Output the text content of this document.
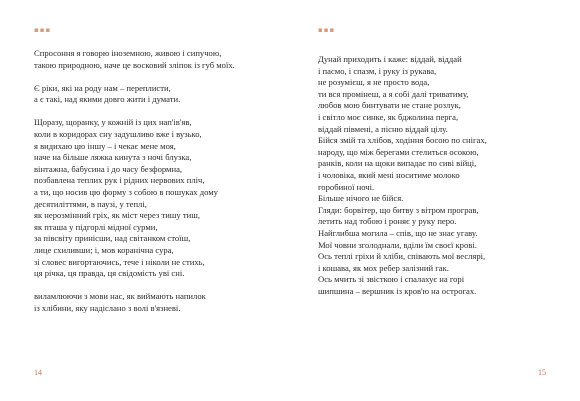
▪▪▪
Спросоння я говорю іноземною, живою і сипучою,
такою природною, наче це восковий зліпок із губ моїх.
Є ріки, які на роду нам – переплисти,
а є такі, над якими довго жити і думати.
Щоразу, щоранку, у кожній із цих нап'ів'яв,
коли в коридорах сну задушливо вже і вузько,
я видихаю цю іншу – і чекає мене моя,
наче на більше ляжка кинута з ночі блузка,
вінтажна, бабусина і до часу безформна,
позбавлена теплих рук і рідних нервових пліч,
а ти, що носив цю форму з собою в пошуках дому
десятиліттями, в паузі, у теплі,
як нерозмінний гріх, як міст через тишу тиш,
як пташа у підгорлі мідної сурми,
за півсвіту принісши, над світанком стоїш,
лице схиливши; і, мов коранічна сура,
зі словес вигортаючись, тече і ніколи не стихь,
ця річка, ця правда, ця свідомість уві сні.
виламлюючи з мови нас, як виймають напилок
із хлібини, яку надіслано з волі в'язневі.
14
▪▪▪
Дунай приходить і каже: віддай, віддай
і пасмо, і спазм, і руку із рукава,
не розумієш, я не просто вода,
ти вся промінеш, а я собі далі триватиму,
любов мою бинтувати не стане розлук,
і світло моє синке, як бджолина перга,
віддай півмені, а пісню віддай цілу.
Бійся змій та хлібов, ходіння босою по снігах,
народу, що між берегами стелиться осокою,
ранків, коли на щоки випадає по сиві війці,
і чоловіка, який мені носитиме молоко
горобиної ночі.
Більше нічого не бійся.
Гляди: борвітер, що битву з вітром програв,
летить над тобою і роняє у руку перо.
Найглибша могила – спів, що не знає угаву.
Мої човни зголоднали, вділи їм своєї крові.
Ось теплі гріхи й хліби, співають мої веслярі,
і кошава, як мох ребер залізний гак.
Ось мчить зі звісткою і спалахує на горі
шипшина – вершник із кров'ю на острогах.
15
